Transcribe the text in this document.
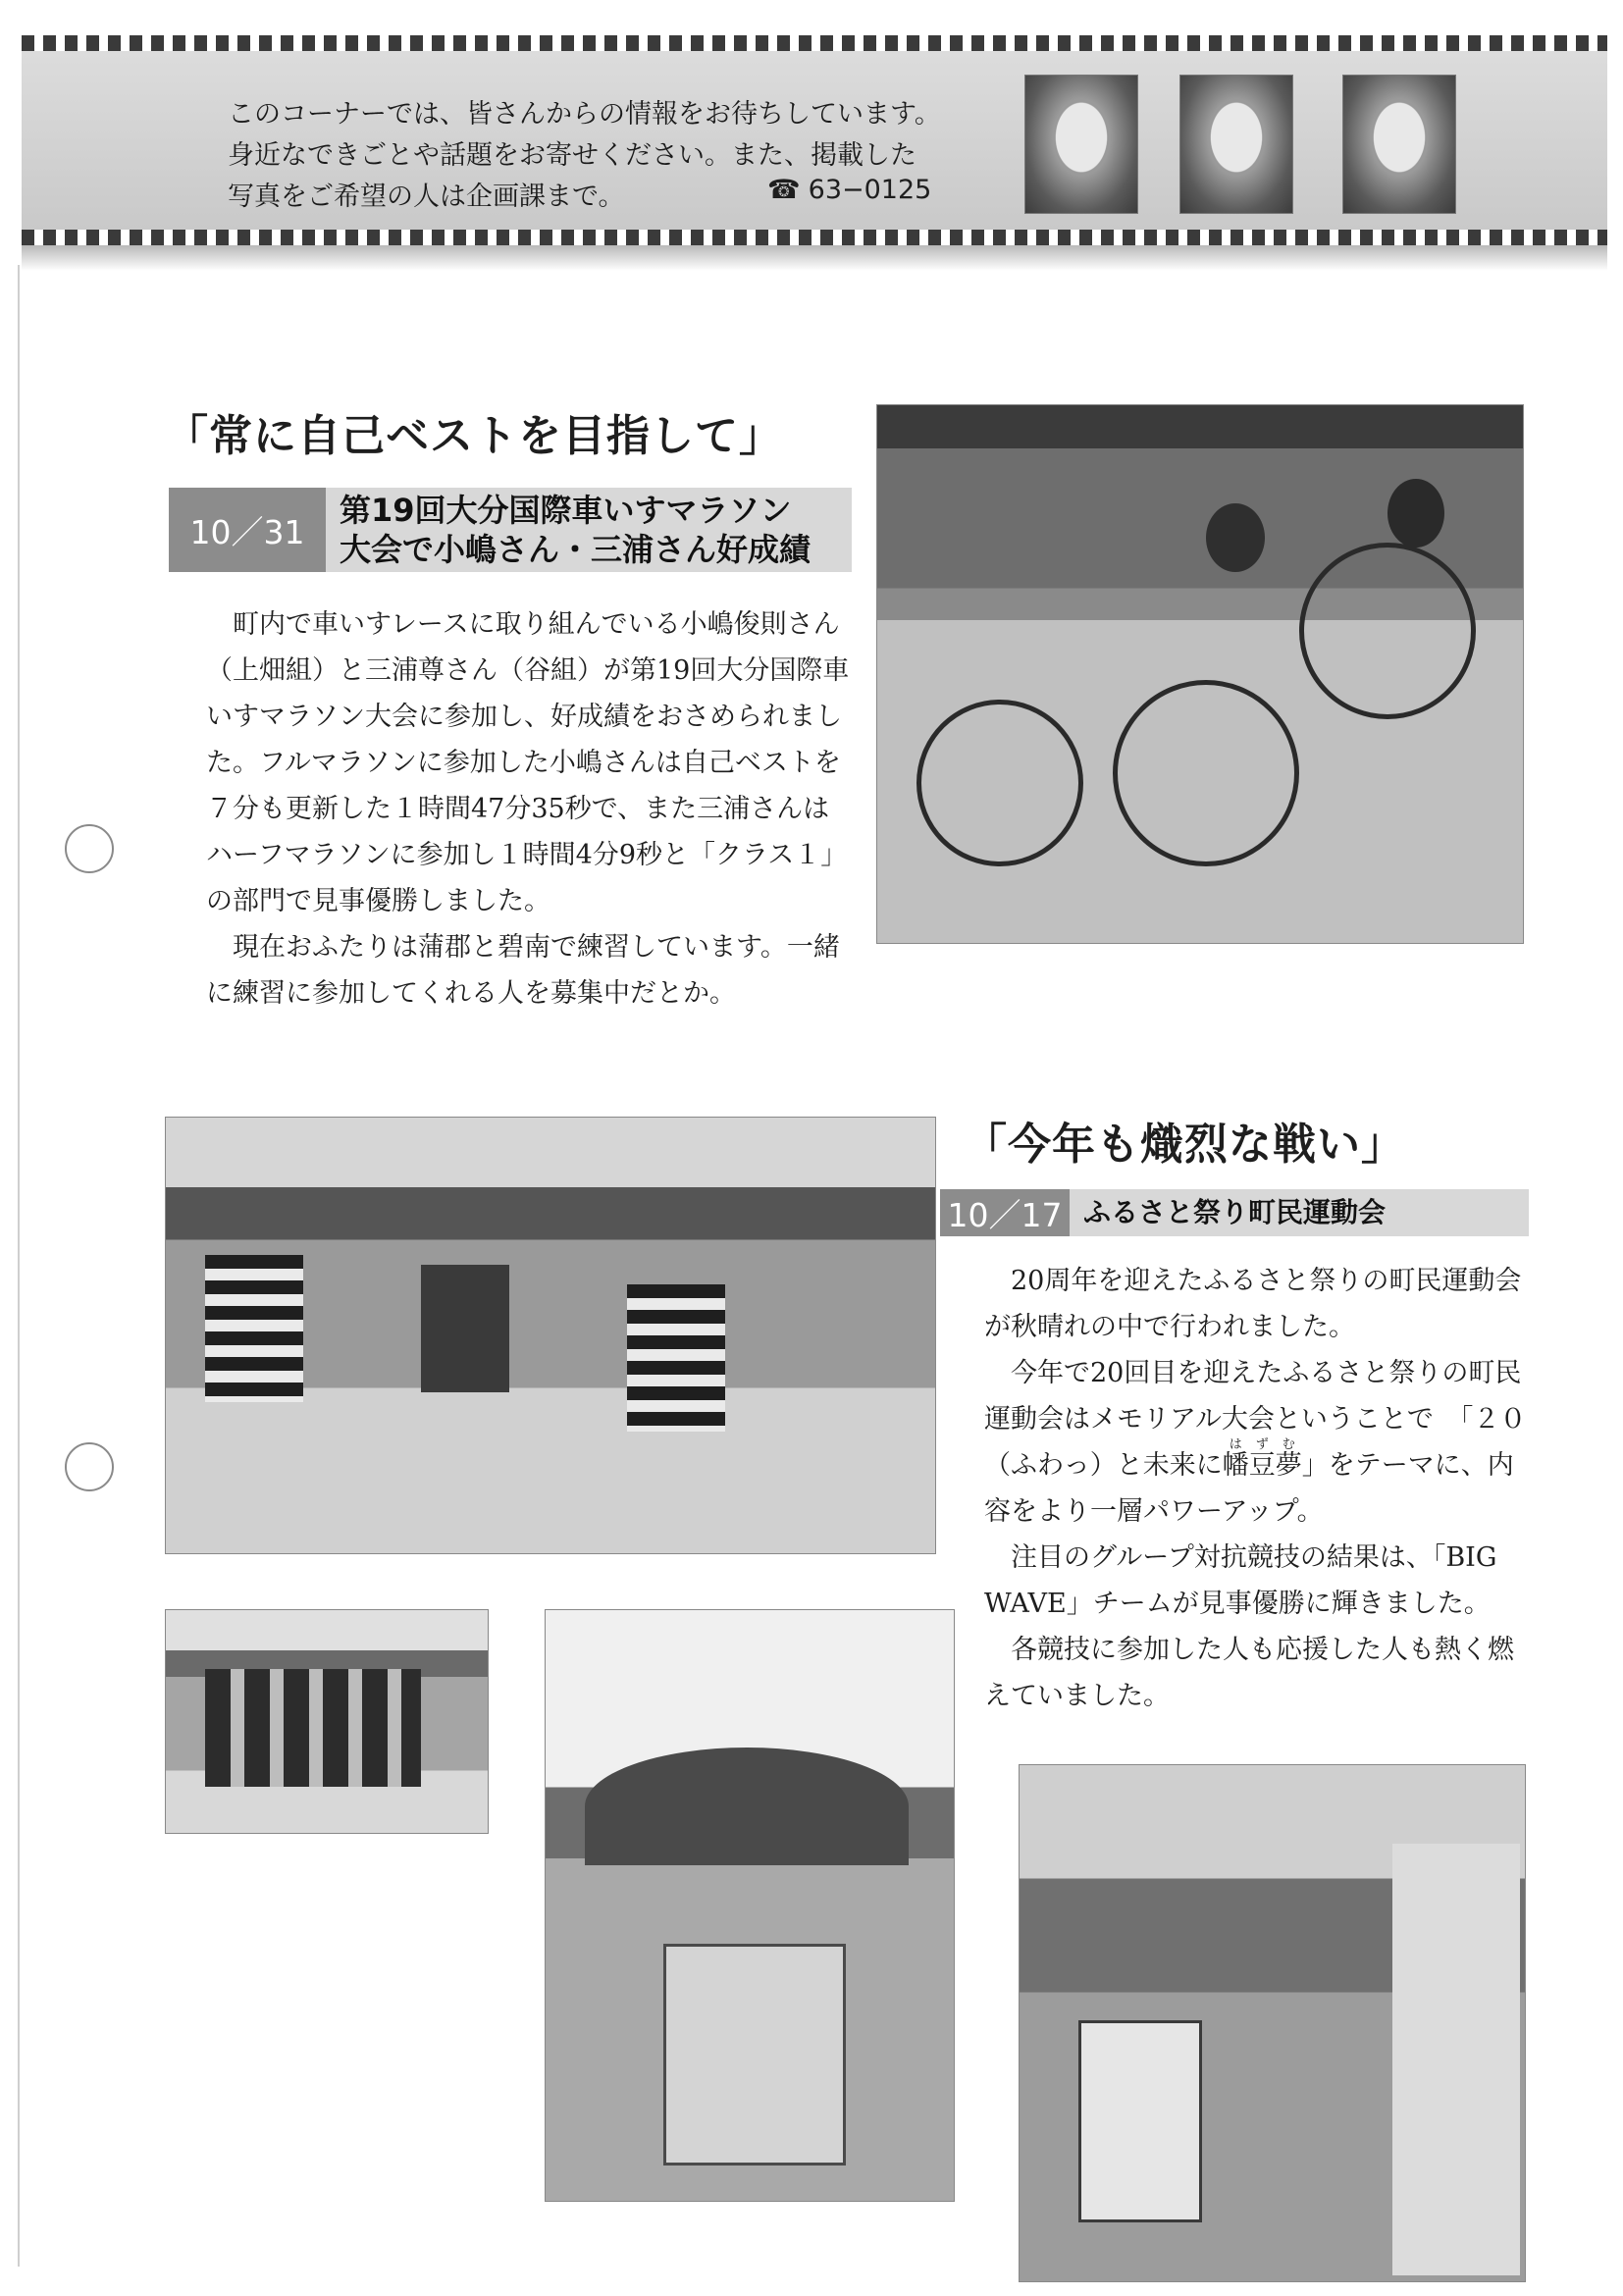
このコーナーでは、皆さんからの情報をお待ちしています。

身近なできごとや話題をお寄せください。また、掲載した

写真をご希望の人は企画課まで。	☎ 63−0125
「常に自己ベストを目指して」
10／31

第19回大分国際車いすマラソン

大会で小嶋さん・三浦さん好成績

町内で車いすレースに取り組んでいる小嶋俊則さん（上畑組）と三浦尊さん（谷組）が第19回大分国際車いすマラソン大会に参加し、好成績をおさめられました。フルマラソンに参加した小嶋さんは自己ベストを７分も更新した１時間47分35秒で、また三浦さんはハーフマラソンに参加し１時間4分9秒と「クラス１」の部門で見事優勝しました。

現在おふたりは蒲郡と碧南で練習しています。一緒に練習に参加してくれる人を募集中だとか。

「今年も熾烈な戦い」
10／17 ふるさと祭り町民運動会

20周年を迎えたふるさと祭りの町民運動会が秋晴れの中で行われました。

今年で20回目を迎えたふるさと祭りの町民運動会はメモリアル大会ということで　「２０（ふわっ）と未来に幡豆夢はずむ」をテーマに、内容をより一層パワーアップ。

注目のグループ対抗競技の結果は、「BIG WAVE」チームが見事優勝に輝きました。

各競技に参加した人も応援した人も熱く燃えていました。
